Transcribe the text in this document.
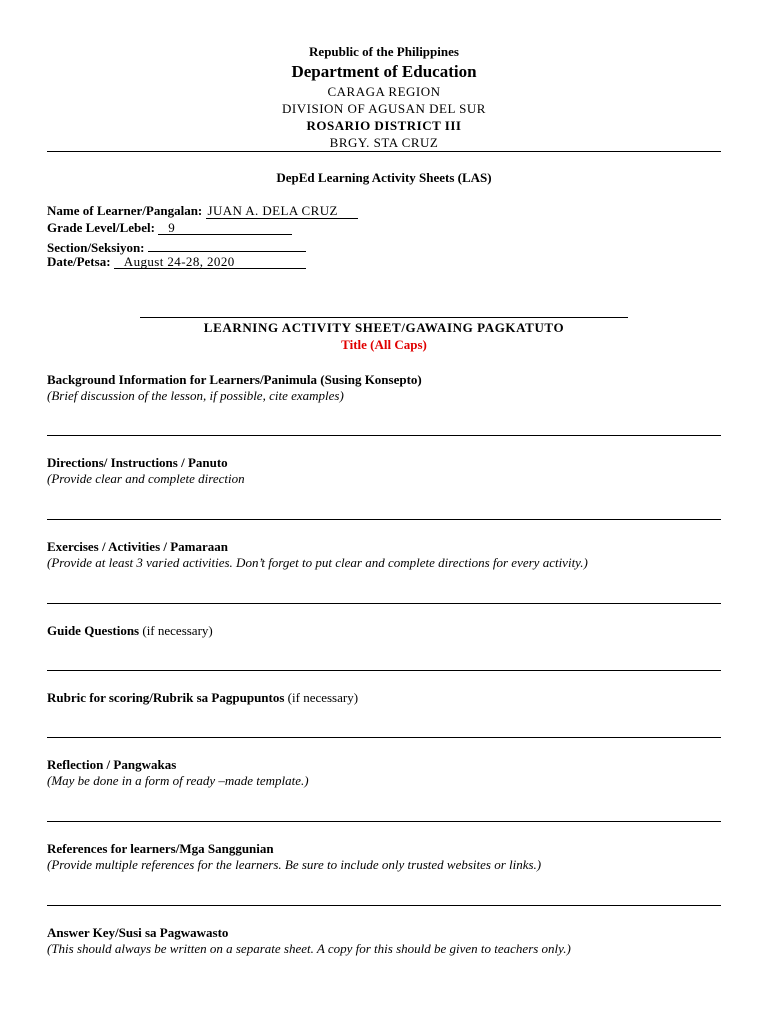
Republic of the Philippines
Department of Education
CARAGA REGION
DIVISION OF AGUSAN DEL SUR
ROSARIO DISTRICT III
BRGY. STA CRUZ
DepEd Learning Activity Sheets (LAS)
Name of Learner/Pangalan: JUAN A. DELA CRUZ
Grade Level/Lebel: 9
Section/Seksiyon:
Date/Petsa: August 24-28, 2020
LEARNING ACTIVITY SHEET/GAWAING PAGKATUTO
Title (All Caps)
Background Information for Learners/Panimula (Susing Konsepto)
(Brief discussion of the lesson, if possible, cite examples)
Directions/ Instructions / Panuto
(Provide clear and complete direction
Exercises / Activities / Pamaraan
(Provide at least 3 varied activities. Don’t forget to put clear and complete directions for every activity.)
Guide Questions (if necessary)
Rubric for scoring/Rubrik sa Pagpupuntos (if necessary)
Reflection / Pangwakas
(May be done in a form of ready –made template.)
References for learners/Mga Sanggunian
(Provide multiple references for the learners. Be sure to include only trusted websites or links.)
Answer Key/Susi sa Pagwawasto
(This should always be written on a separate sheet. A copy for this should be given to teachers only.)
